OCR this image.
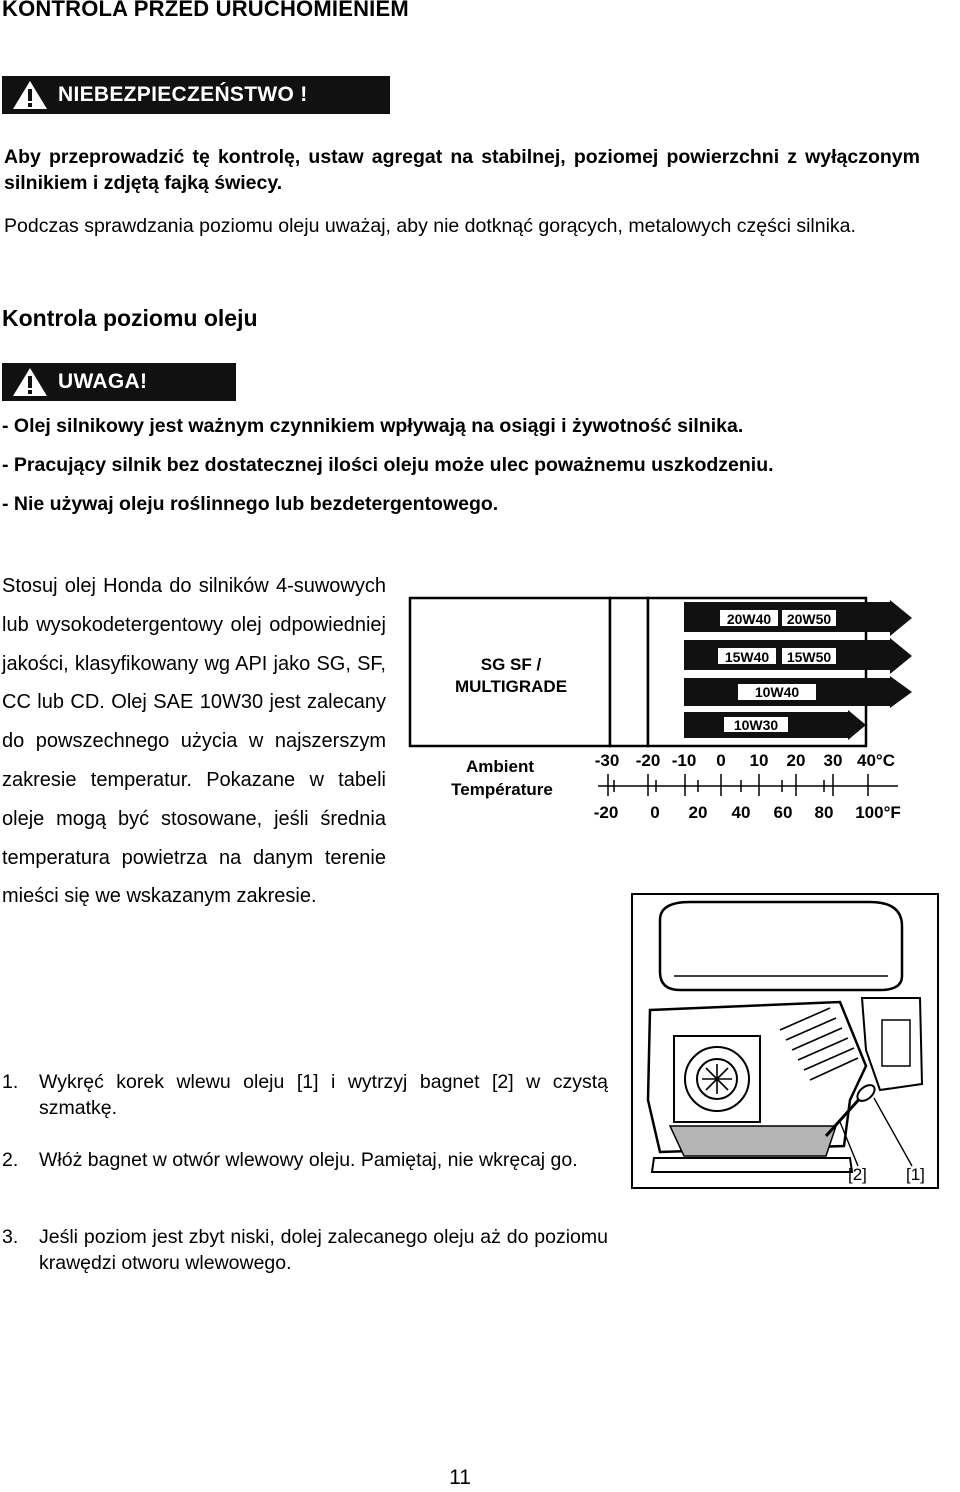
KONTROLA PRZED URUCHOMIENIEM
NIEBEZPIECZEŃSTWO !
Aby przeprowadzić tę kontrolę, ustaw agregat na stabilnej, poziomej powierzchni z wyłączonym silnikiem i zdjętą fajką świecy.
Podczas sprawdzania poziomu oleju uważaj, aby nie dotknąć gorących, metalowych części silnika.
Kontrola poziomu oleju
UWAGA!
- Olej silnikowy jest ważnym czynnikiem wpływają na osiągi i żywotność silnika.
- Pracujący silnik bez dostatecznej ilości oleju może ulec poważnemu uszkodzeniu.
- Nie używaj oleju roślinnego lub bezdetergentowego.
Stosuj olej Honda do silników 4-suwowych lub wysokodetergentowy olej odpowiedniej jakości, klasyfikowany wg API jako SG, SF, CC lub CD. Olej SAE 10W30 jest zalecany do powszechnego użycia w najszerszym zakresie temperatur. Pokazane w tabeli oleje mogą być stosowane, jeśli średnia temperatura powietrza na danym terenie mieści się we wskazanym zakresie.
20W40 20W50
15W40 15W50
10W40
10W30
SG SF /
MULTIGRADE
Ambient
Température
-30 -20 -10 0 10 20 30 40°C
-20 0 20 40 60 80 100°F
[2] [1]
1.	Wykręć korek wlewu oleju [1] i wytrzyj bagnet [2] w czystą szmatkę.
2.	Włóż bagnet w otwór wlewowy oleju. Pamiętaj, nie wkręcaj go.
3.	Jeśli poziom jest zbyt niski, dolej zalecanego oleju aż do poziomu krawędzi otworu wlewowego.
11
